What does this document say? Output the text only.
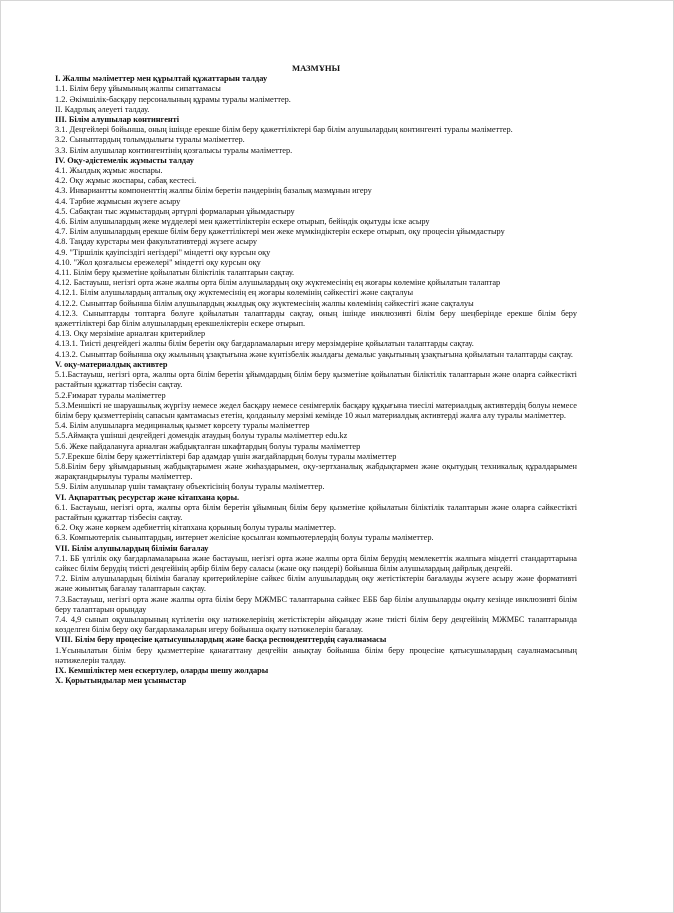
МАЗМҰНЫ
I. Жалпы мәліметтер мен құрылтай құжаттарын талдау
1.1. Білім беру ұйымының жалпы сипаттамасы
1.2. Әкімшілік-басқару персоналының құрамы туралы мәліметтер.
II. Кадрлық әлеуеті талдау.
III. Білім алушылар контингенті
3.1. Деңгейлері бойынша, оның ішінде ерекше білім беру қажеттіліктері бар білім алушылардың контингенті туралы мәліметтер.
3.2. Сыныптардың толымдылығы туралы мәліметтер.
3.3. Білім алушылар контингентінің қозғалысы туралы мәліметтер.
IV. Оқу-әдістемелік жұмысты талдау
4.1. Жылдық жұмыс жоспары.
4.2. Оқу жұмыс жоспары, сабақ кестесі.
4.3. Инвариантты компоненттің жалпы білім беретін пәндерінің базалық мазмұнын игеру
4.4. Тәрбие жұмысын жүзеге асыру
4.5. Сабақтан тыс жұмыстардың әртүрлі формаларын ұйымдастыру
4.6. Білім алушылардың жеке мүдделері мен қажеттіліктерін ескере отырып, бейіндік оқытуды іске асыру
4.7. Білім алушылардың ерекше білім беру қажеттіліктері мен жеке мүмкіндіктерін ескере отырып, оқу процесін ұйымдастыру
4.8. Таңдау курстары мен факультативтерді жүзеге асыру
4.9. "Тіршілік қауіпсіздігі негіздері" міндетті оқу курсын оқу
4.10. "Жол қозғалысы ережелері" міндетті оқу курсын оқу
4.11. Білім беру қызметіне қойылатын біліктілік талаптарын сақтау.
4.12. Бастауыш, негізгі орта және жалпы орта білім алушылардың оқу жүктемесінің ең жоғары көлеміне қойылатын талаптар
4.12.1. Білім алушылардың апталық оқу жүктемесінің ең жоғары көлемінің сәйкестігі және сақталуы
4.12.2. Сыныптар бойынша білім алушылардың жылдық оқу жүктемесінің жалпы көлемінің сәйкестігі және сақталуы
4.12.3. Сыныптарды топтарға бөлуге қойылатын талаптарды сақтау, оның ішінде инклюзивті білім беру шеңберінде ерекше білім беру қажеттіліктері бар білім алушылардың ерекшеліктерін ескере отырып.
4.13. Оқу мерзіміне арналған критерийлер
4.13.1. Тиісті деңгейдегі жалпы білім беретін оқу бағдарламаларын игеру мерзімдеріне қойылатын талаптарды сақтау.
4.13.2. Сыныптар бойынша оқу жылының ұзақтығына және күнтізбелік жылдағы демалыс уақытының ұзақтығына қойылатын талаптарды сақтау.
V. оқу-материалдық активтер
5.1.Бастауыш, негізгі орта, жалпы орта білім беретін ұйымдардың білім беру қызметіне қойылатын біліктілік талаптарын және оларға сәйкестікті растайтын құжаттар тізбесін сақтау.
5.2.Ғимарат туралы мәліметтер
5.3.Меншікті не шаруашылық жүргізу немесе жедел басқару немесе сенімгерлік басқару құқығына тиесілі материалдық активтердің болуы немесе білім беру қызметтерінің сапасын қамтамасыз ететін, қолданылу мерзімі кемінде 10 жыл материалдық активтерді жалға алу туралы мәліметтер.
5.4. Білім алушыларға медициналық қызмет көрсету туралы мәліметтер
5.5.Аймақта үшінші деңгейдегі домендік атаудың болуы туралы мәліметтер edu.kz
5.6. Жеке пайдалануға арналған жабдықталған шкафтардың болуы туралы мәліметтер
5.7.Ерекше білім беру қажеттіліктері бар адамдар үшін жағдайлардың болуы туралы мәліметтер
5.8.Білім беру ұйымдарының жабдықтарымен және жиһаздарымен, оқу-зертханалық жабдықтармен және оқытудың техникалық құралдарымен жарақтандырылуы туралы мәліметтер.
5.9. Білім алушылар үшін тамақтану объектісінің болуы туралы мәліметтер.
VI. Ақпараттық ресурстар және кітапхана қоры.
6.1. Бастауыш, негізгі орта, жалпы орта білім беретін ұйымның білім беру қызметіне қойылатын біліктілік талаптарын және оларға сәйкестікті растайтын құжаттар тізбесін сақтау.
6.2. Оқу және көркем әдебиеттің кітапхана қорының болуы туралы мәліметтер.
6.3. Компьютерлік сыныптардың, интернет желісіне қосылған компьютерлердің болуы туралы мәліметтер.
VII. Білім алушылардың білімін бағалау
7.1. ББ үлгілік оқу бағдарламаларына және бастауыш, негізгі орта және жалпы орта білім берудің мемлекеттік жалпыға міндетті стандарттарына сәйкес білім берудің тиісті деңгейінің әрбір білім беру саласы (және оқу пәндері) бойынша білім алушылардың дайрлық деңгейі.
7.2. Білім алушылардың білімін бағалау критерийлеріне сәйкес білім алушылардың оқу жетістіктерін бағалауды жүзеге асыру және формативті және жиынтық бағалау талаптарын сақтау.
7.3.Бастауыш, негізгі орта және жалпы орта білім беру МЖМБС талаптарына сәйкес ЕББ бар білім алушыларды оқыту кезінде инклюзивті білім беру талаптарын орындау
7.4. 4,9 сынып оқушыларының күтілетін оқу нәтижелерінің жетістіктерін айқындау және тиісті білім беру деңгейінің МЖМБС талаптарында көзделген білім беру оқу бағдарламаларын игеру бойынша оқыту нәтижелерін бағалау.
VIII. Білім беру процесіне қатысушылардың және басқа респонденттердің сауалнамасы
1.Ұсынылатын білім беру қызметтеріне қанағаттану деңгейін анықтау бойынша білім беру процесіне қатысушылардың сауалнамасының нәтижелерін талдау.
IX. Кемшіліктер мен ескертулер, оларды шешу жолдары
X. Қорытындылар мен ұсыныстар
